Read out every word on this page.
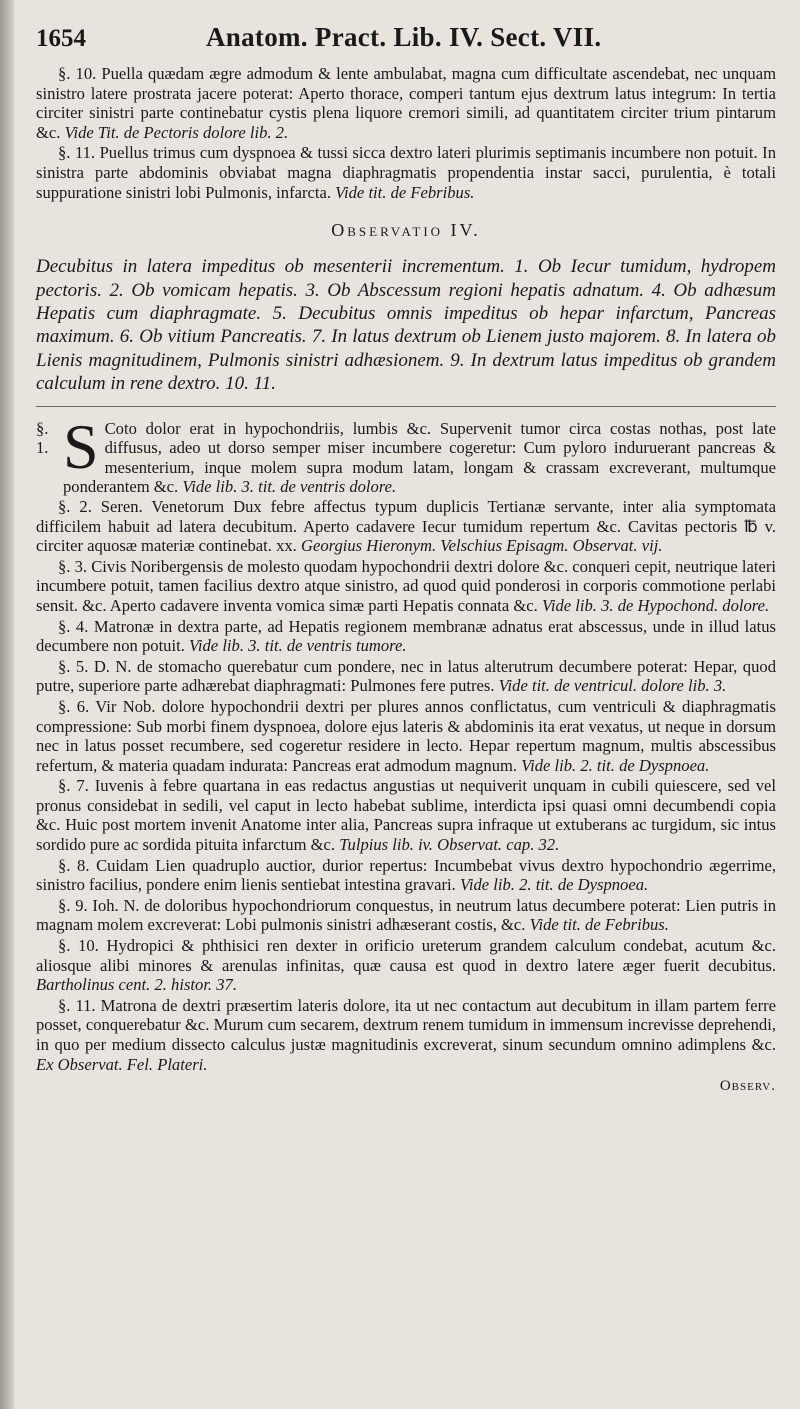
1654	Anatom. Pract. Lib. IV. Sect. VII.

§. 10. Puella quædam ægre admodum & lente ambulabat, magna cum difficultate ascendebat, nec unquam sinistro latere prostrata jacere poterat: Aperto thorace, comperi tantum ejus dextrum latus integrum: In tertia circiter sinistri parte continebatur cystis plena liquore cremori simili, ad quantitatem circiter trium pintarum &c. Vide Tit. de Pectoris dolore lib. 2.

§. 11. Puellus trimus cum dyspnoea & tussi sicca dextro lateri plurimis septimanis incumbere non potuit. In sinistra parte abdominis obviabat magna diaphragmatis propendentia instar sacci, purulentia, è totali suppuratione sinistri lobi Pulmonis, infarcta. Vide tit. de Febribus.

Observatio IV.

Decubitus in latera impeditus ob mesenterii incrementum. 1. Ob Iecur tumidum, hydropem pectoris. 2. Ob vomicam hepatis. 3. Ob Abscessum regioni hepatis adnatum. 4. Ob adhæsum Hepatis cum diaphragmate. 5. Decubitus omnis impeditus ob hepar infarctum, Pancreas maximum. 6. Ob vitium Pancreatis. 7. In latus dextrum ob Lienem justo majorem. 8. In latera ob Lienis magnitudinem, Pulmonis sinistri adhæsionem. 9. In dextrum latus impeditus ob grandem calculum in rene dextro. 10. 11.

§. 1. S Coto dolor erat in hypochondriis, lumbis &c. Supervenit tumor circa costas nothas, post late diffusus, adeo ut dorso semper miser incumbere cogeretur: Cum pyloro induruerant pancreas & mesenterium, inque molem supra modum latam, longam & crassam excreverant, multumque ponderantem &c. Vide lib. 3. tit. de ventris dolore.

§. 2. Seren. Venetorum Dux febre affectus typum duplicis Tertianæ servante, inter alia symptomata difficilem habuit ad latera decubitum. Aperto cadavere Iecur tumidum repertum &c. Cavitas pectoris ℔ v. circiter aquosæ materiæ continebat. xx. Georgius Hieronym. Velschius Episagm. Observat. vij.

§. 3. Civis Noribergensis de molesto quodam hypochondrii dextri dolore &c. conqueri cepit, neutrique lateri incumbere potuit, tamen facilius dextro atque sinistro, ad quod quid ponderosi in corporis commotione perlabi sensit. &c. Aperto cadavere inventa vomica simæ parti Hepatis connata &c. Vide lib. 3. de Hypochond. dolore.

§. 4. Matronæ in dextra parte, ad Hepatis regionem membranæ adnatus erat abscessus, unde in illud latus decumbere non potuit. Vide lib. 3. tit. de ventris tumore.

§. 5. D. N. de stomacho querebatur cum pondere, nec in latus alterutrum decumbere poterat: Hepar, quod putre, superiore parte adhærebat diaphragmati: Pulmones fere putres. Vide tit. de ventricul. dolore lib. 3.

§. 6. Vir Nob. dolore hypochondrii dextri per plures annos conflictatus, cum ventriculi & diaphragmatis compressione: Sub morbi finem dyspnoea, dolore ejus lateris & abdominis ita erat vexatus, ut neque in dorsum nec in latus posset recumbere, sed cogeretur residere in lecto. Hepar repertum magnum, multis abscessibus refertum, & materia quadam indurata: Pancreas erat admodum magnum. Vide lib. 2. tit. de Dyspnoea.

§. 7. Iuvenis à febre quartana in eas redactus angustias ut nequiverit unquam in cubili quiescere, sed vel pronus considebat in sedili, vel caput in lecto habebat sublime, interdicta ipsi quasi omni decumbendi copia &c. Huic post mortem invenit Anatome inter alia, Pancreas supra infraque ut extuberans ac turgidum, sic intus sordido pure ac sordida pituita infarctum &c. Tulpius lib. iv. Observat. cap. 32.

§. 8. Cuidam Lien quadruplo auctior, durior repertus: Incumbebat vivus dextro hypochondrio ægerrime, sinistro facilius, pondere enim lienis sentiebat intestina gravari. Vide lib. 2. tit. de Dyspnoea.

§. 9. Ioh. N. de doloribus hypochondriorum conquestus, in neutrum latus decumbere poterat: Lien putris in magnam molem excreverat: Lobi pulmonis sinistri adhæserant costis, &c. Vide tit. de Febribus.

§. 10. Hydropici & phthisici ren dexter in orificio ureterum grandem calculum condebat, acutum &c. aliosque alibi minores & arenulas infinitas, quæ causa est quod in dextro latere æger fuerit decubitus. Bartholinus cent. 2. histor. 37.

§. 11. Matrona de dextri præsertim lateris dolore, ita ut nec contactum aut decubitum in illam partem ferre posset, conquerebatur &c. Murum cum secarem, dextrum renem tumidum in immensum increvisse deprehendi, in quo per medium dissecto calculus justæ magnitudinis excreverat, sinum secundum omnino adimplens &c. Ex Observat. Fel. Plateri.

Observ.
